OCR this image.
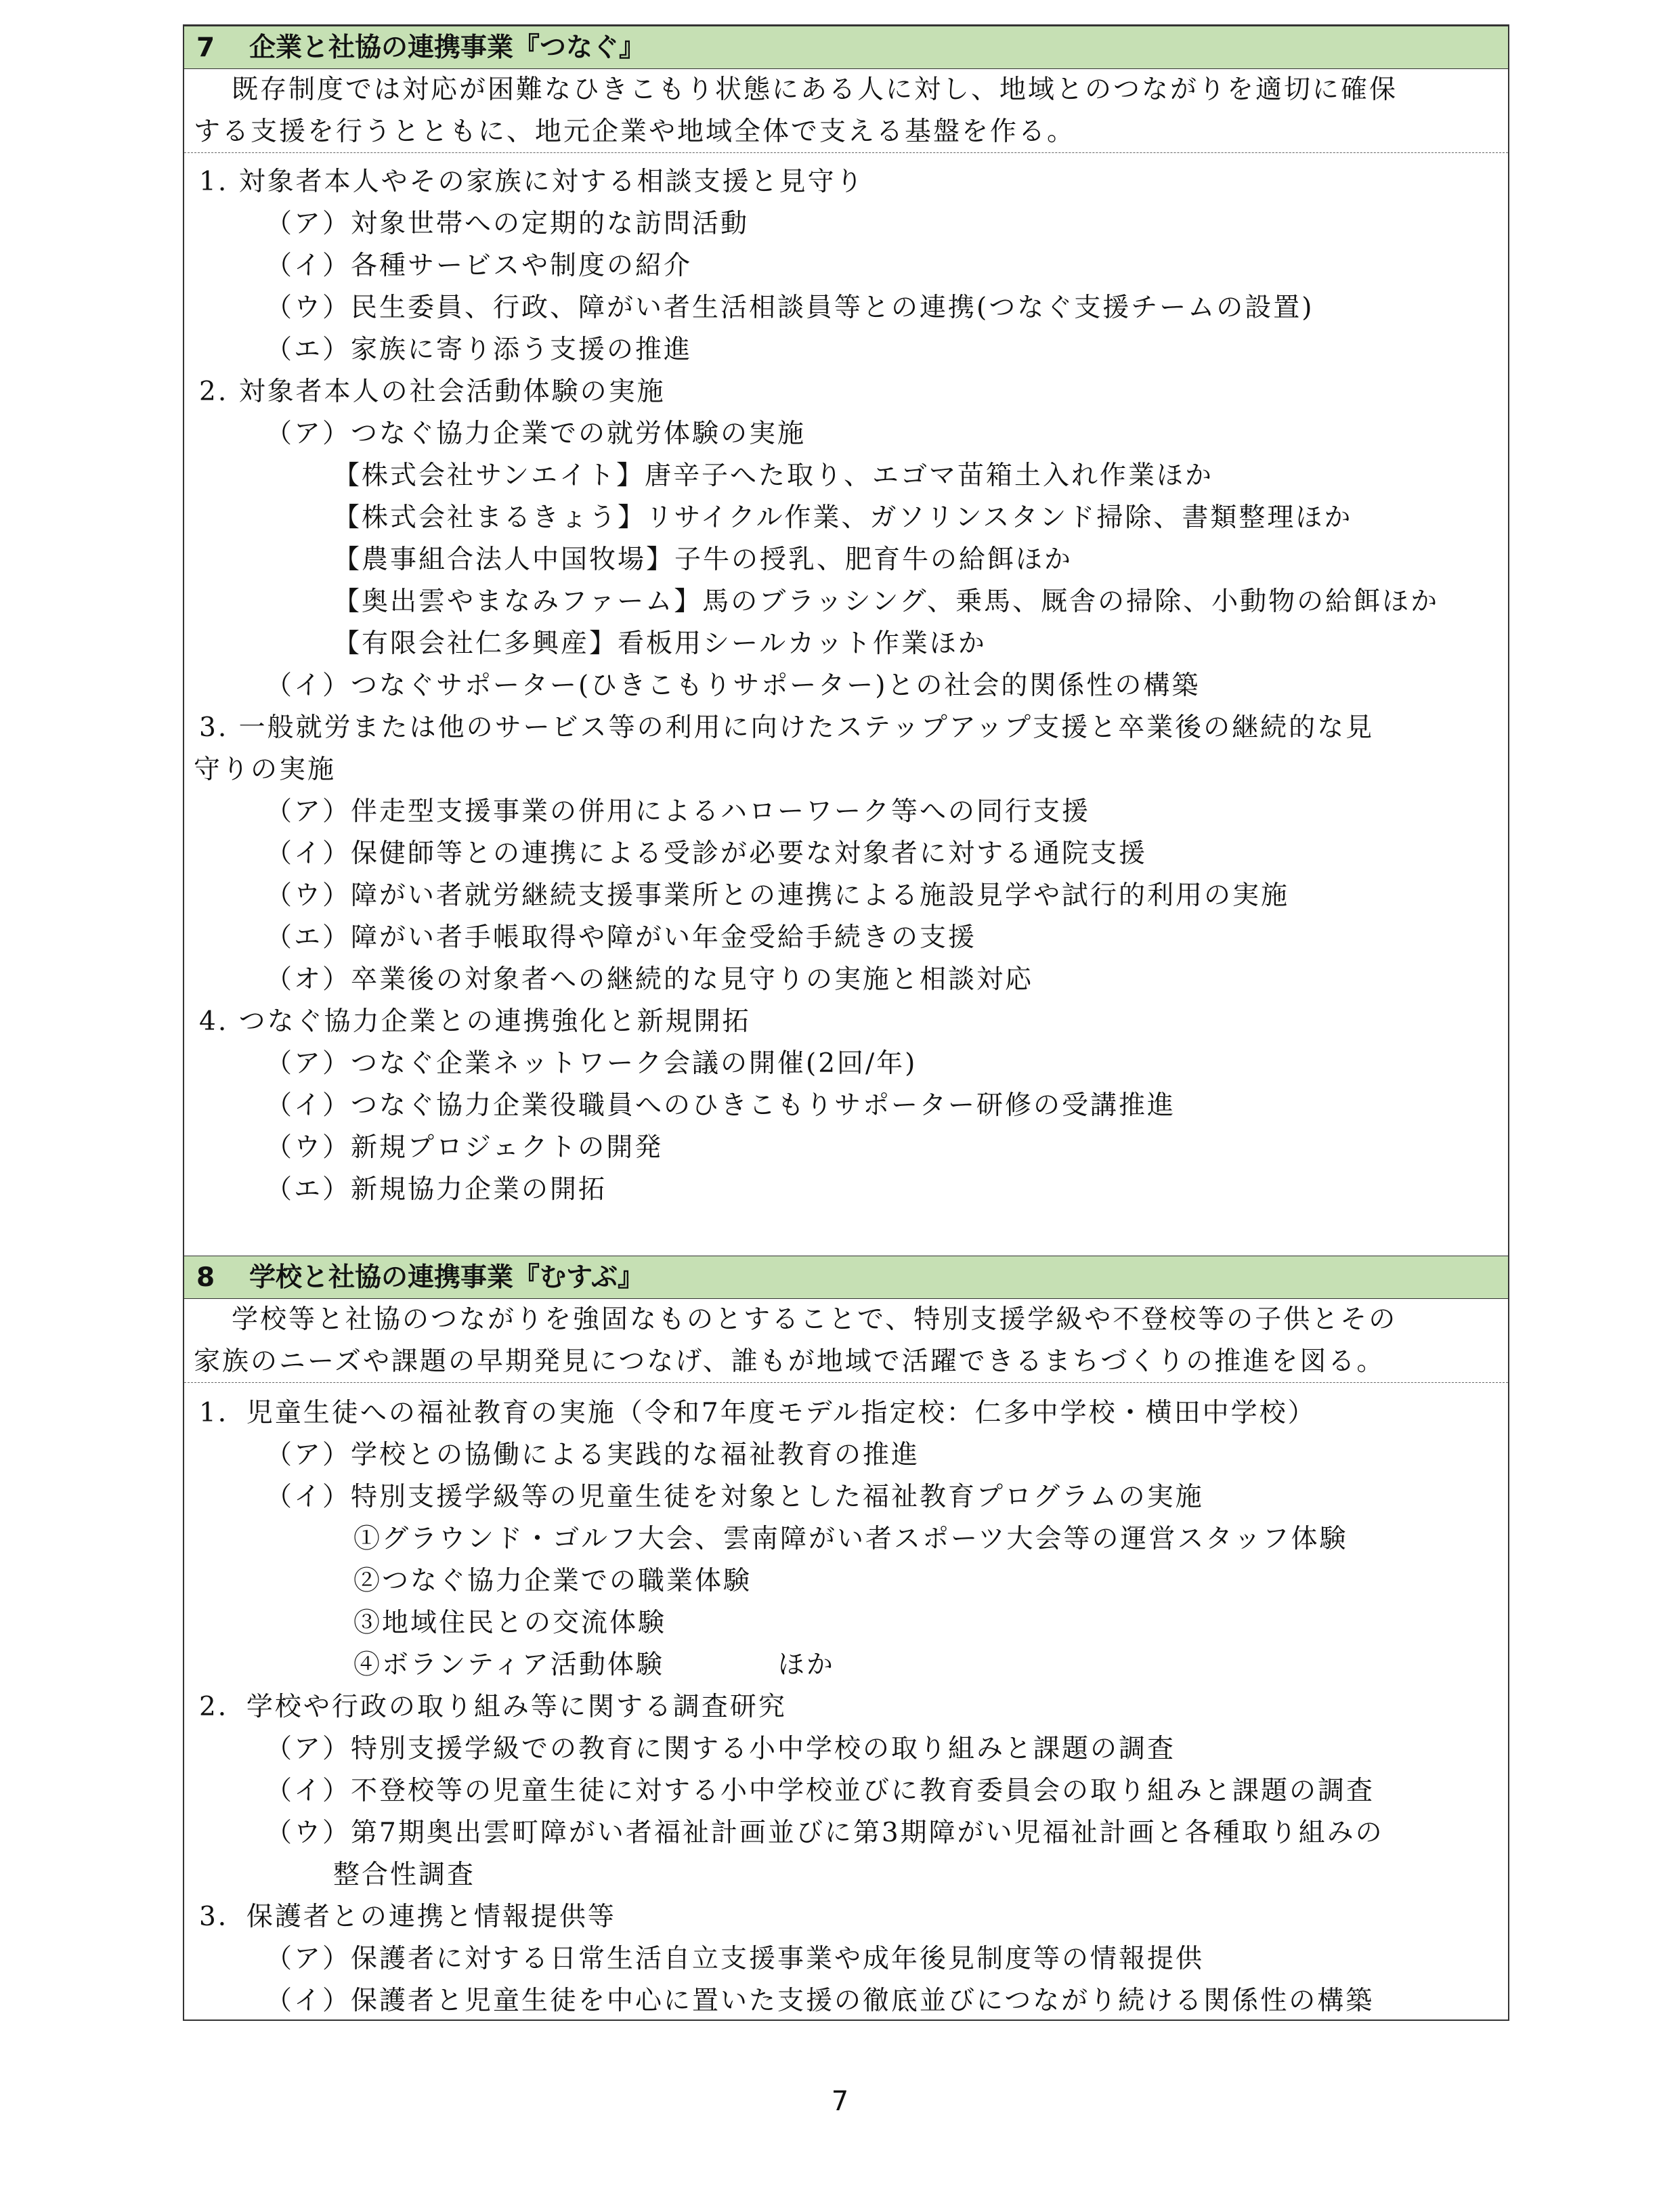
7 企業と社協の連携事業『つなぐ』
既存制度では対応が困難なひきこもり状態にある人に対し、地域とのつながりを適切に確保
する支援を行うとともに、地元企業や地域全体で支える基盤を作る。
1. 対象者本人やその家族に対する相談支援と見守り
（ア）対象世帯への定期的な訪問活動
（イ）各種サービスや制度の紹介
（ウ）民生委員、行政、障がい者生活相談員等との連携(つなぐ支援チームの設置)
（エ）家族に寄り添う支援の推進
2. 対象者本人の社会活動体験の実施
（ア）つなぐ協力企業での就労体験の実施
【株式会社サンエイト】唐辛子へた取り、エゴマ苗箱土入れ作業ほか
【株式会社まるきょう】リサイクル作業、ガソリンスタンド掃除、書類整理ほか
【農事組合法人中国牧場】子牛の授乳、肥育牛の給餌ほか
【奥出雲やまなみファーム】馬のブラッシング、乗馬、厩舎の掃除、小動物の給餌ほか
【有限会社仁多興産】看板用シールカット作業ほか
（イ）つなぐサポーター(ひきこもりサポーター)との社会的関係性の構築
3. 一般就労または他のサービス等の利用に向けたステップアップ支援と卒業後の継続的な見
守りの実施
（ア）伴走型支援事業の併用によるハローワーク等への同行支援
（イ）保健師等との連携による受診が必要な対象者に対する通院支援
（ウ）障がい者就労継続支援事業所との連携による施設見学や試行的利用の実施
（エ）障がい者手帳取得や障がい年金受給手続きの支援
（オ）卒業後の対象者への継続的な見守りの実施と相談対応
4. つなぐ協力企業との連携強化と新規開拓
（ア）つなぐ企業ネットワーク会議の開催(2回/年)
（イ）つなぐ協力企業役職員へのひきこもりサポーター研修の受講推進
（ウ）新規プロジェクトの開発
（エ）新規協力企業の開拓
8 学校と社協の連携事業『むすぶ』
学校等と社協のつながりを強固なものとすることで、特別支援学級や不登校等の子供とその
家族のニーズや課題の早期発見につなげ、誰もが地域で活躍できるまちづくりの推進を図る。
1．児童生徒への福祉教育の実施（令和7年度モデル指定校：仁多中学校・横田中学校）
（ア）学校との協働による実践的な福祉教育の推進
（イ）特別支援学級等の児童生徒を対象とした福祉教育プログラムの実施
①グラウンド・ゴルフ大会、雲南障がい者スポーツ大会等の運営スタッフ体験
②つなぐ協力企業での職業体験
③地域住民との交流体験
④ボランティア活動体験　　　　ほか
2．学校や行政の取り組み等に関する調査研究
（ア）特別支援学級での教育に関する小中学校の取り組みと課題の調査
（イ）不登校等の児童生徒に対する小中学校並びに教育委員会の取り組みと課題の調査
（ウ）第7期奥出雲町障がい者福祉計画並びに第3期障がい児福祉計画と各種取り組みの
整合性調査
3．保護者との連携と情報提供等
（ア）保護者に対する日常生活自立支援事業や成年後見制度等の情報提供
（イ）保護者と児童生徒を中心に置いた支援の徹底並びにつながり続ける関係性の構築
7
